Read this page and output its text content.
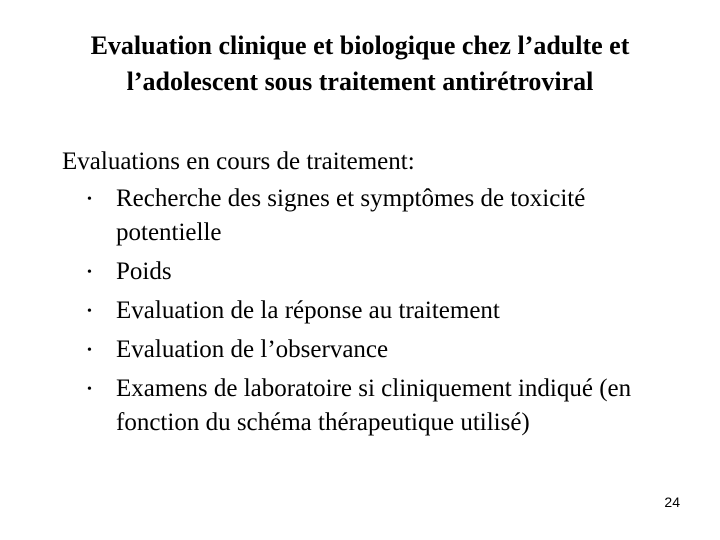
Evaluation clinique et biologique chez l’adulte et
l’adolescent sous traitement antirétroviral

Evaluations en cours de traitement:

• Recherche des signes et symptômes de toxicité potentielle
• Poids
• Evaluation de la réponse au traitement
• Evaluation de l’observance
• Examens de laboratoire si cliniquement indiqué (en fonction du schéma thérapeutique utilisé)
24
